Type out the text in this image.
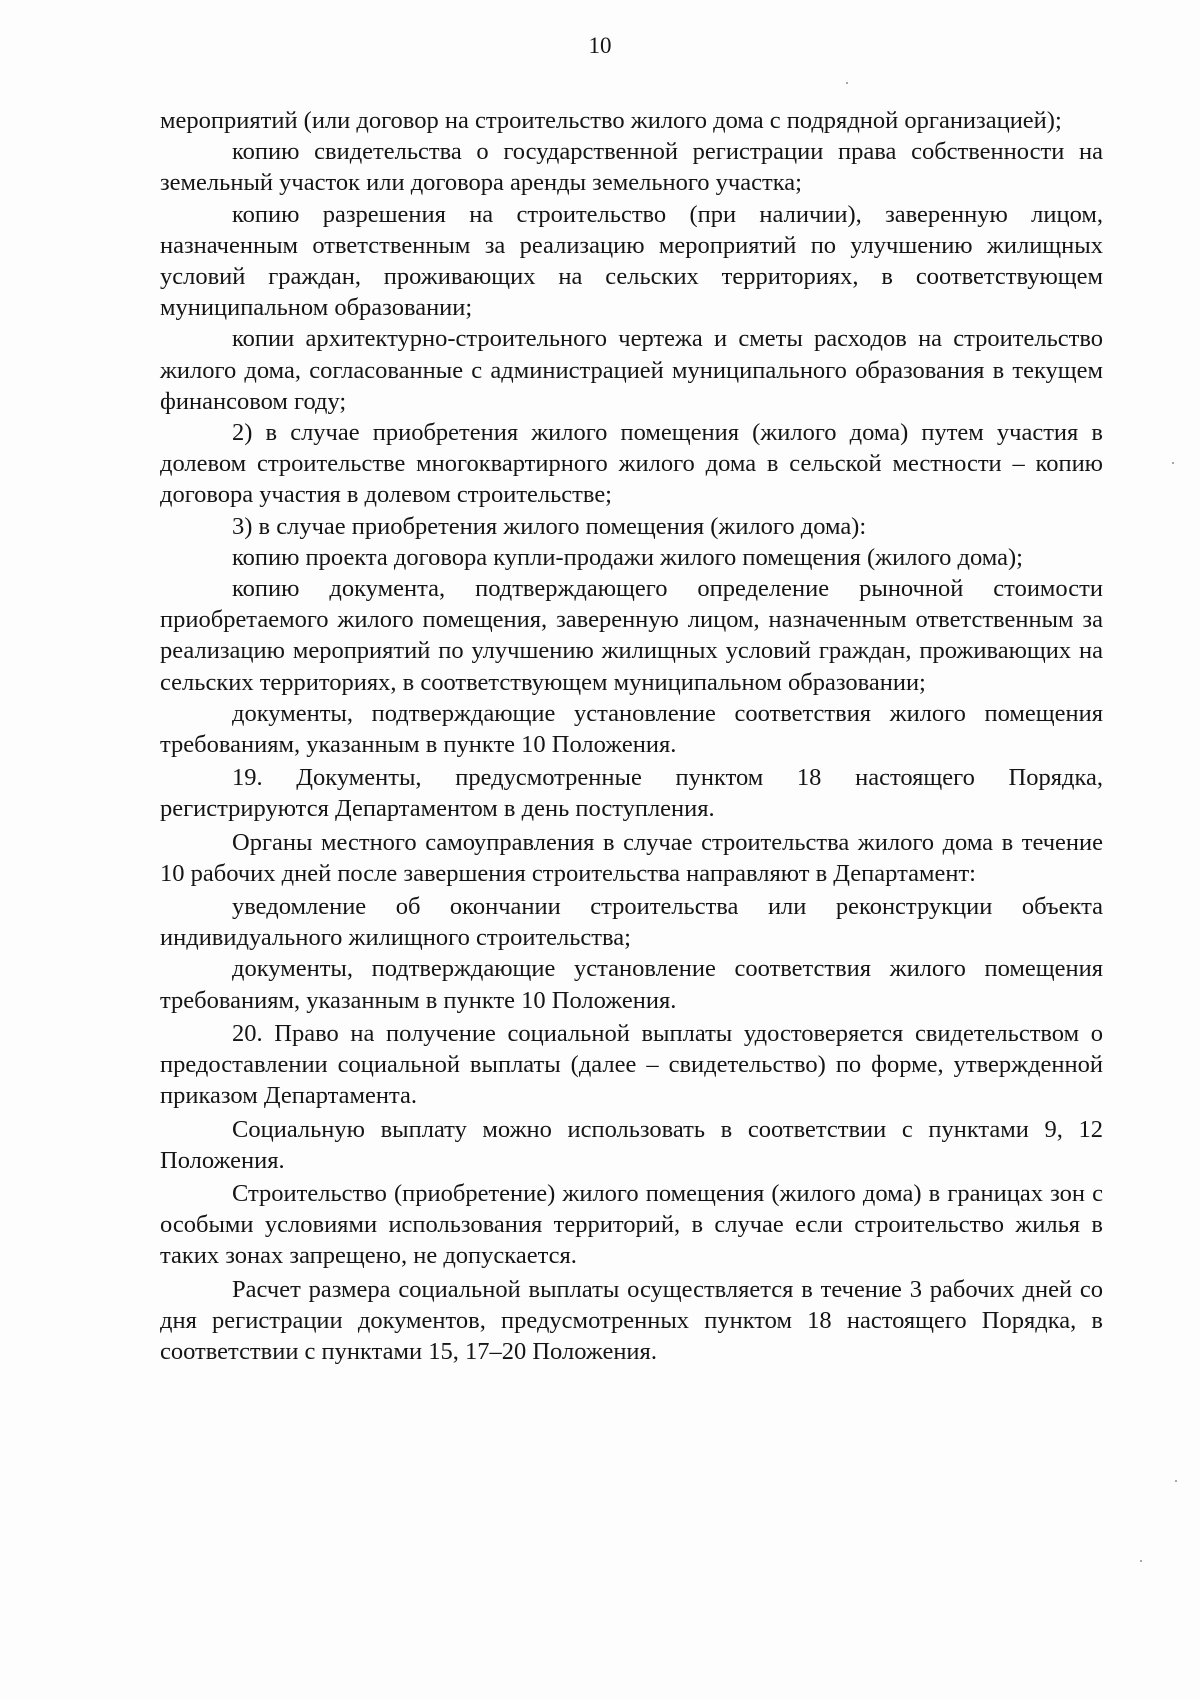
10

мероприятий (или договор на строительство жилого дома с подрядной организацией);

копию свидетельства о государственной регистрации права собственности на земельный участок или договора аренды земельного участка;

копию разрешения на строительство (при наличии), заверенную лицом, назначенным ответственным за реализацию мероприятий по улучшению жилищных условий граждан, проживающих на сельских территориях, в соответствующем муниципальном образовании;

копии архитектурно-строительного чертежа и сметы расходов на строительство жилого дома, согласованные с администрацией муниципального образования в текущем финансовом году;

2) в случае приобретения жилого помещения (жилого дома) путем участия в долевом строительстве многоквартирного жилого дома в сельской местности – копию договора участия в долевом строительстве;

3) в случае приобретения жилого помещения (жилого дома):

копию проекта договора купли-продажи жилого помещения (жилого дома);

копию документа, подтверждающего определение рыночной стоимости приобретаемого жилого помещения, заверенную лицом, назначенным ответственным за реализацию мероприятий по улучшению жилищных условий граждан, проживающих на сельских территориях, в соответствующем муниципальном образовании;

документы, подтверждающие установление соответствия жилого помещения требованиям, указанным в пункте 10 Положения.

19. Документы, предусмотренные пунктом 18 настоящего Порядка, регистрируются Департаментом в день поступления.

Органы местного самоуправления в случае строительства жилого дома в течение 10 рабочих дней после завершения строительства направляют в Департамент:

уведомление об окончании строительства или реконструкции объекта индивидуального жилищного строительства;

документы, подтверждающие установление соответствия жилого помещения требованиям, указанным в пункте 10 Положения.

20. Право на получение социальной выплаты удостоверяется свидетельством о предоставлении социальной выплаты (далее – свидетельство) по форме, утвержденной приказом Департамента.

Социальную выплату можно использовать в соответствии с пунктами 9, 12 Положения.

Строительство (приобретение) жилого помещения (жилого дома) в границах зон с особыми условиями использования территорий, в случае если строительство жилья в таких зонах запрещено, не допускается.

Расчет размера социальной выплаты осуществляется в течение 3 рабочих дней со дня регистрации документов, предусмотренных пунктом 18 настоящего Порядка, в соответствии с пунктами 15, 17–20 Положения.
